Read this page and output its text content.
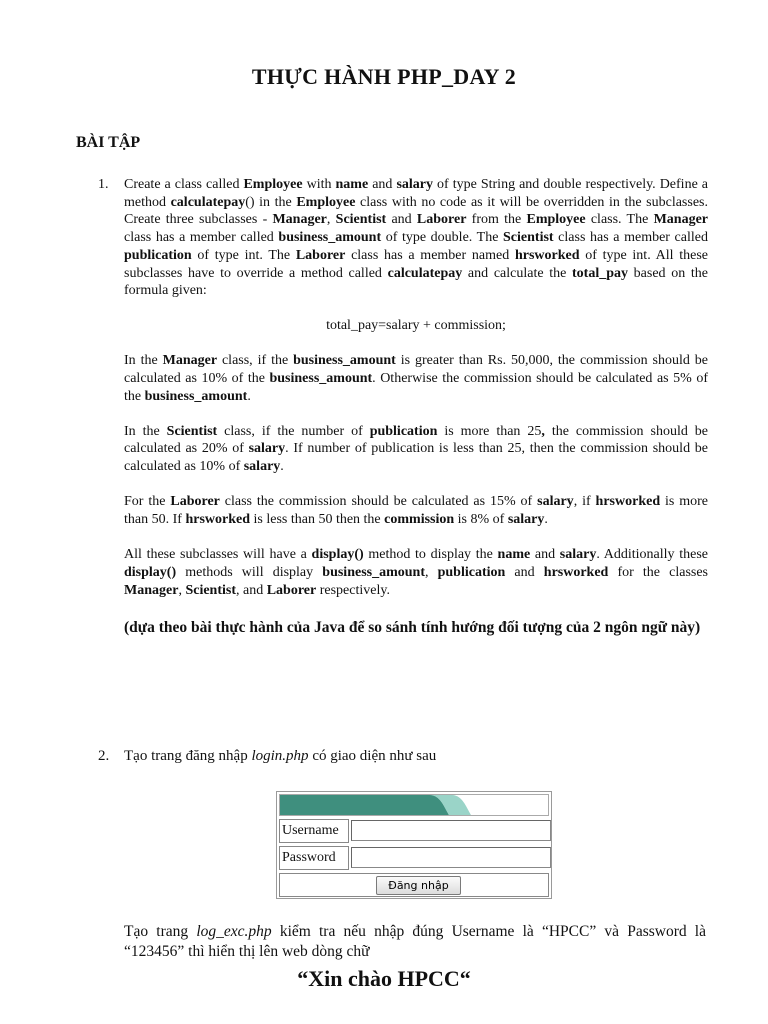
THỰC HÀNH PHP_DAY 2
BÀI TẬP
1. Create a class called Employee with name and salary of type String and double respectively. Define a method calculatepay() in the Employee class with no code as it will be overridden in the subclasses. Create three subclasses - Manager, Scientist and Laborer from the Employee class. The Manager class has a member called business_amount of type double. The Scientist class has a member called publication of type int. The Laborer class has a member named hrsworked of type int. All these subclasses have to override a method called calculatepay and calculate the total_pay based on the formula given:

total_pay=salary + commission;

In the Manager class, if the business_amount is greater than Rs. 50,000, the commission should be calculated as 10% of the business_amount. Otherwise the commission should be calculated as 5% of the business_amount.

In the Scientist class, if the number of publication is more than 25, the commission should be calculated as 20% of salary. If number of publication is less than 25, then the commission should be calculated as 10% of salary.

For the Laborer class the commission should be calculated as 15% of salary, if hrsworked is more than 50. If hrsworked is less than 50 then the commission is 8% of salary.

All these subclasses will have a display() method to display the name and salary. Additionally these display() methods will display business_amount, publication and hrsworked for the classes Manager, Scientist, and Laborer respectively.

(dựa theo bài thực hành của Java để so sánh tính hướng đối tượng của 2 ngôn ngữ này)

2. Tạo trang đăng nhập login.php có giao diện như sau
Username
Password
Đăng nhập
Tạo trang log_exc.php kiểm tra nếu nhập đúng Username là “HPCC” và Password là “123456” thì hiển thị lên web dòng chữ
“Xin chào HPCC“
